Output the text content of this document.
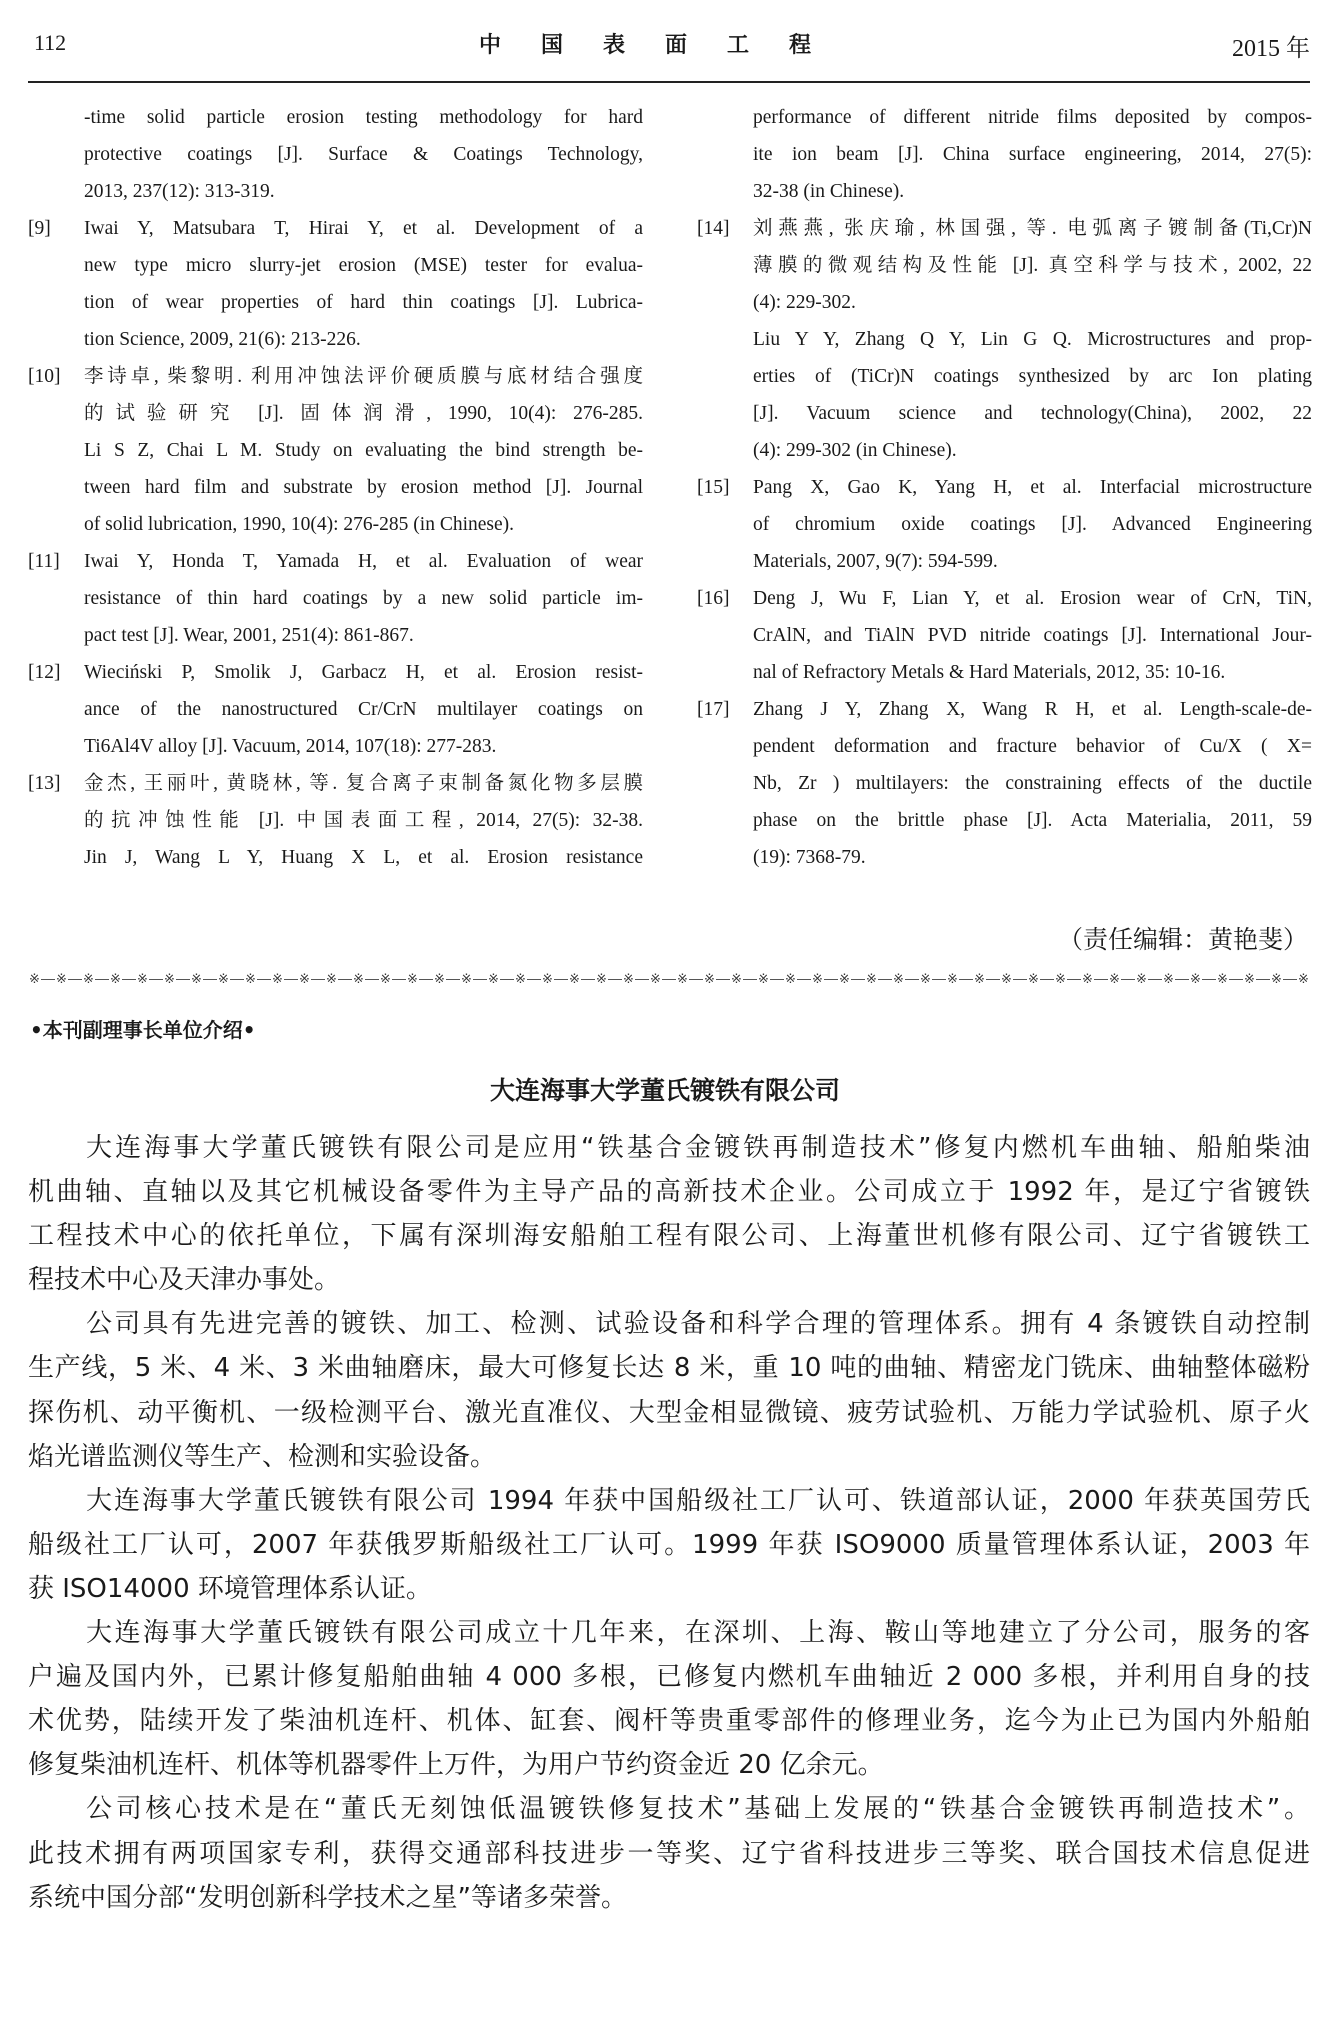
112	中国表面工程	2015 年
-time solid particle erosion testing methodology for hard
protective coatings [J]. Surface & Coatings Technology,
2013, 237(12): 313-319.
[9] Iwai Y, Matsubara T, Hirai Y, et al. Development of a
new type micro slurry-jet erosion (MSE) tester for evalua-
tion of wear properties of hard thin coatings [J]. Lubrica-
tion Science, 2009, 21(6): 213-226.
[10] 李诗卓, 柴黎明. 利用冲蚀法评价硬质膜与底材结合强度
的试验研究 [J]. 固体润滑, 1990, 10(4): 276-285.
Li S Z, Chai L M. Study on evaluating the bind strength be-
tween hard film and substrate by erosion method [J]. Journal
of solid lubrication, 1990, 10(4): 276-285 (in Chinese).
[11] Iwai Y, Honda T, Yamada H, et al. Evaluation of wear
resistance of thin hard coatings by a new solid particle im-
pact test [J]. Wear, 2001, 251(4): 861-867.
[12] Wieciński P, Smolik J, Garbacz H, et al. Erosion resist-
ance of the nanostructured Cr/CrN multilayer coatings on
Ti6Al4V alloy [J]. Vacuum, 2014, 107(18): 277-283.
[13] 金杰, 王丽叶, 黄晓林, 等. 复合离子束制备氮化物多层膜
的抗冲蚀性能 [J]. 中国表面工程, 2014, 27(5): 32-38.
Jin J, Wang L Y, Huang X L, et al. Erosion resistance
performance of different nitride films deposited by compos-
ite ion beam [J]. China surface engineering, 2014, 27(5):
32-38 (in Chinese).
[14] 刘燕燕, 张庆瑜, 林国强, 等. 电弧离子镀制备(Ti,Cr)N
薄膜的微观结构及性能 [J]. 真空科学与技术, 2002, 22
(4): 229-302.
Liu Y Y, Zhang Q Y, Lin G Q. Microstructures and prop-
erties of (TiCr)N coatings synthesized by arc Ion plating
[J]. Vacuum science and technology(China), 2002, 22
(4): 299-302 (in Chinese).
[15] Pang X, Gao K, Yang H, et al. Interfacial microstructure
of chromium oxide coatings [J]. Advanced Engineering
Materials, 2007, 9(7): 594-599.
[16] Deng J, Wu F, Lian Y, et al. Erosion wear of CrN, TiN,
CrAlN, and TiAlN PVD nitride coatings [J]. International Jour-
nal of Refractory Metals & Hard Materials, 2012, 35: 10-16.
[17] Zhang J Y, Zhang X, Wang R H, et al. Length-scale-de-
pendent deformation and fracture behavior of Cu/X ( X=
Nb, Zr ) multilayers: the constraining effects of the ductile
phase on the brittle phase [J]. Acta Materialia, 2011, 59
(19): 7368-79.
（责任编辑：黄艳斐）
※ ※ ※ ※ ※ ※ ※ ※ ※ ※ ※ ※ ※ ※ ※ ※ ※ ※ ※ ※ ※ ※ ※ ※ ※ ※ ※ ※ ※ ※ ※ ※ ※ ※ ※ ※ ※ ※ ※ ※ ※ ※ ※ ※ ※ ※ ※ ※
•本刊副理事长单位介绍•
大连海事大学董氏镀铁有限公司
大连海事大学董氏镀铁有限公司是应用“铁基合金镀铁再制造技术”修复内燃机车曲轴、船舶柴油
机曲轴、直轴以及其它机械设备零件为主导产品的高新技术企业。公司成立于 1992 年，是辽宁省镀铁
工程技术中心的依托单位，下属有深圳海安船舶工程有限公司、上海董世机修有限公司、辽宁省镀铁工
程技术中心及天津办事处。
公司具有先进完善的镀铁、加工、检测、试验设备和科学合理的管理体系。拥有 4 条镀铁自动控制
生产线，5 米、4 米、3 米曲轴磨床，最大可修复长达 8 米，重 10 吨的曲轴、精密龙门铣床、曲轴整体磁粉
探伤机、动平衡机、一级检测平台、激光直准仪、大型金相显微镜、疲劳试验机、万能力学试验机、原子火
焰光谱监测仪等生产、检测和实验设备。
大连海事大学董氏镀铁有限公司 1994 年获中国船级社工厂认可、铁道部认证，2000 年获英国劳氏
船级社工厂认可，2007 年获俄罗斯船级社工厂认可。1999 年获 ISO9000 质量管理体系认证，2003 年
获 ISO14000 环境管理体系认证。
大连海事大学董氏镀铁有限公司成立十几年来，在深圳、上海、鞍山等地建立了分公司，服务的客
户遍及国内外，已累计修复船舶曲轴 4 000 多根，已修复内燃机车曲轴近 2 000 多根，并利用自身的技
术优势，陆续开发了柴油机连杆、机体、缸套、阀杆等贵重零部件的修理业务，迄今为止已为国内外船舶
修复柴油机连杆、机体等机器零件上万件，为用户节约资金近 20 亿余元。
公司核心技术是在“董氏无刻蚀低温镀铁修复技术”基础上发展的“铁基合金镀铁再制造技术”。
此技术拥有两项国家专利，获得交通部科技进步一等奖、辽宁省科技进步三等奖、联合国技术信息促进
系统中国分部“发明创新科学技术之星”等诸多荣誉。
